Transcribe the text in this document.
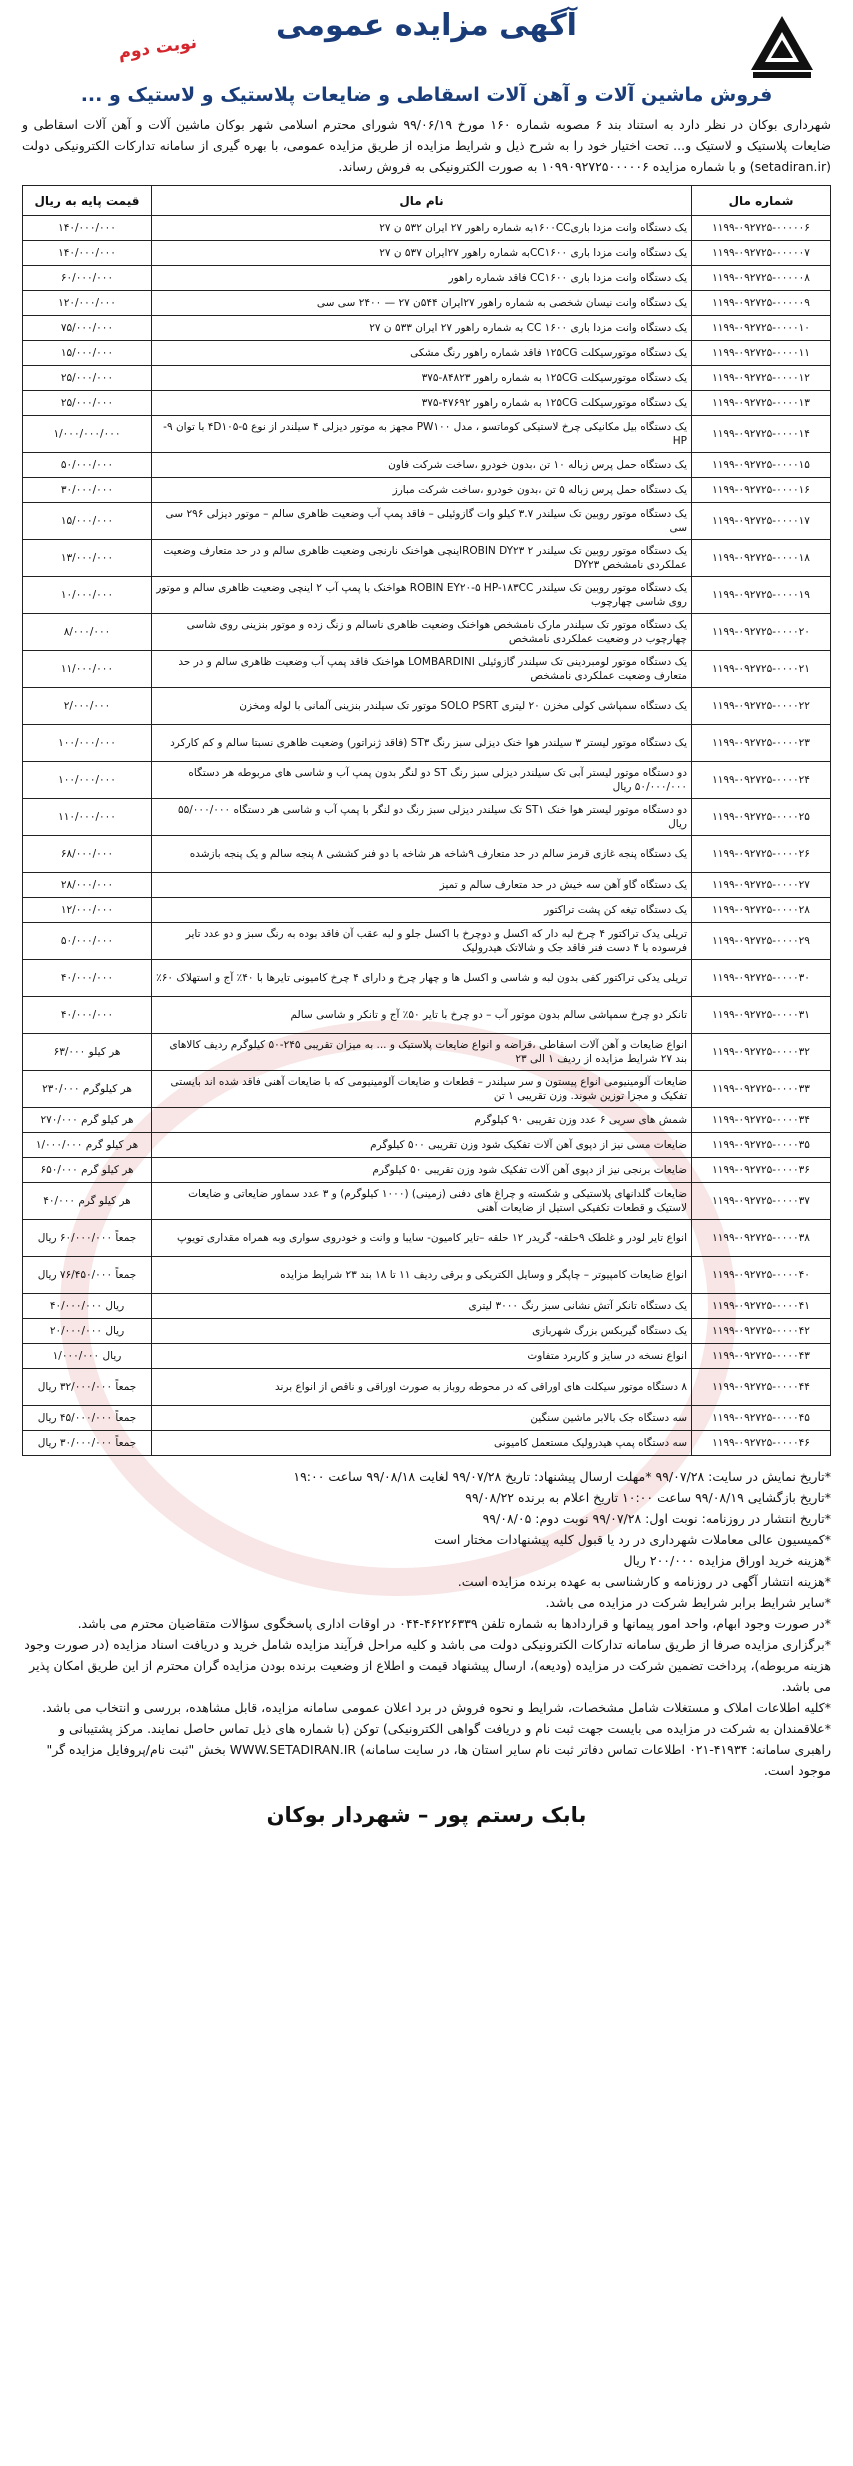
آگهی مزایده عمومی
نوبت دوم
فروش ماشین آلات و آهن آلات اسقاطی و ضایعات پلاستیک و لاستیک و ...
شهرداری بوکان در نظر دارد به استناد بند ۶ مصوبه شماره ۱۶۰ مورخ ۹۹/۰۶/۱۹ شورای محترم اسلامی شهر بوکان ماشین آلات و آهن آلات اسقاطی و ضایعات پلاستیک و لاستیک و... تحت اختیار خود را به شرح ذیل و شرایط مزایده از طریق مزایده عمومی، با بهره گیری از سامانه تدارکات الکترونیکی دولت (setadiran.ir) و با شماره مزایده ۱۰۹۹۰۹۲۷۲۵۰۰۰۰۰۶ به صورت الکترونیکی به فروش رساند.
شماره مال	نام مال	قیمت پایه به ریال
۱۱۹۹-۰۹۲۷۲۵-۰۰۰۰۰۶	یک دستگاه وانت مزدا باری۱۶۰۰CCبه شماره راهور ۲۷ ایران ۵۳۲ ن ۲۷	۱۴۰/۰۰۰/۰۰۰
۱۱۹۹-۰۹۲۷۲۵-۰۰۰۰۰۷	یک دستگاه وانت مزدا باری CC۱۶۰۰به شماره راهور ۲۷ایران ۵۳۷ ن ۲۷	۱۴۰/۰۰۰/۰۰۰
۱۱۹۹-۰۹۲۷۲۵-۰۰۰۰۰۸	یک دستگاه وانت مزدا باری CC۱۶۰۰ فاقد شماره راهور	۶۰/۰۰۰/۰۰۰
۱۱۹۹-۰۹۲۷۲۵-۰۰۰۰۰۹	یک دستگاه وانت نیسان شخصی به شماره راهور ۲۷ایران ۵۴۴ن ۲۷ — ۲۴۰۰ سی سی	۱۲۰/۰۰۰/۰۰۰
۱۱۹۹-۰۹۲۷۲۵-۰۰۰۰۱۰	یک دستگاه وانت مزدا باری CC ۱۶۰۰ به شماره راهور ۲۷ ایران ۵۳۳ ن ۲۷	۷۵/۰۰۰/۰۰۰
۱۱۹۹-۰۹۲۷۲۵-۰۰۰۰۱۱	یک دستگاه موتورسیکلت ۱۲۵CG فاقد شماره راهور رنگ مشکی	۱۵/۰۰۰/۰۰۰
۱۱۹۹-۰۹۲۷۲۵-۰۰۰۰۱۲	یک دستگاه موتورسیکلت ۱۲۵CG به شماره راهور ۸۴۸۲۳-۳۷۵	۲۵/۰۰۰/۰۰۰
۱۱۹۹-۰۹۲۷۲۵-۰۰۰۰۱۳	یک دستگاه موتورسیکلت ۱۲۵CG به شماره راهور ۴۷۶۹۲-۳۷۵	۲۵/۰۰۰/۰۰۰
۱۱۹۹-۰۹۲۷۲۵-۰۰۰۰۱۴	یک دستگاه بیل مکانیکی چرخ لاستیکی کوماتسو ، مدل PW۱۰۰ مجهز به موتور دیزلی ۴ سیلندر از نوع ۵-۴D۱۰۵ با توان ۹-HP	۱/۰۰۰/۰۰۰/۰۰۰
۱۱۹۹-۰۹۲۷۲۵-۰۰۰۰۱۵	یک دستگاه حمل پرس زباله ۱۰ تن ،بدون خودرو ،ساخت شرکت فاون	۵۰/۰۰۰/۰۰۰
۱۱۹۹-۰۹۲۷۲۵-۰۰۰۰۱۶	یک دستگاه حمل پرس زباله ۵ تن ،بدون خودرو ،ساخت شرکت مبارز	۳۰/۰۰۰/۰۰۰
۱۱۹۹-۰۹۲۷۲۵-۰۰۰۰۱۷	یک دستگاه موتور روبین تک سیلندر ۳.۷ کیلو وات گازوئیلی – فاقد پمپ آب وضعیت ظاهری سالم – موتور دیزلی ۲۹۶ سی سی	۱۵/۰۰۰/۰۰۰
۱۱۹۹-۰۹۲۷۲۵-۰۰۰۰۱۸	یک دستگاه موتور روبین تک سیلندر ROBIN DY۲۳ ۲اینچی هواخنک نارنجی وضعیت ظاهری سالم و در حد متعارف وضعیت عملکردی نامشخص DY۲۳	۱۳/۰۰۰/۰۰۰
۱۱۹۹-۰۹۲۷۲۵-۰۰۰۰۱۹	یک دستگاه موتور روبین تک سیلندر ROBIN EY۲۰-۵ HP-۱۸۳CC هواخنک با پمپ آب ۲ اینچی وضعیت ظاهری سالم و موتور روی شاسی چهارچوب	۱۰/۰۰۰/۰۰۰
۱۱۹۹-۰۹۲۷۲۵-۰۰۰۰۲۰	یک دستگاه موتور تک سیلندر مارک نامشخص هواخنک وضعیت ظاهری ناسالم و زنگ زده و موتور بنزینی روی شاسی چهارچوب در وضعیت عملکردی نامشخص	۸/۰۰۰/۰۰۰
۱۱۹۹-۰۹۲۷۲۵-۰۰۰۰۲۱	یک دستگاه موتور لومبردینی تک سیلندر گازوئیلی LOMBARDINI هواخنک فاقد پمپ آب وضعیت ظاهری سالم و در حد متعارف وضعیت عملکردی نامشخص	۱۱/۰۰۰/۰۰۰
۱۱۹۹-۰۹۲۷۲۵-۰۰۰۰۲۲	یک دستگاه سمپاشی کولی مخزن ۲۰ لیتری SOLO PSRT موتور تک سیلندر بنزینی آلمانی با لوله ومخزن	۲/۰۰۰/۰۰۰
۱۱۹۹-۰۹۲۷۲۵-۰۰۰۰۲۳	یک دستگاه موتور لیستر ۳ سیلندر هوا خنک دیزلی سبز رنگ ST۳ (فاقد ژنراتور) وضعیت ظاهری نسبتا سالم و کم کارکرد	۱۰۰/۰۰۰/۰۰۰
۱۱۹۹-۰۹۲۷۲۵-۰۰۰۰۲۴	دو دستگاه موتور لیستر آبی تک سیلندر دیزلی سبز رنگ ST دو لنگر بدون پمپ آب و شاسی های مربوطه هر دستگاه ۵۰/۰۰۰/۰۰۰ ریال	۱۰۰/۰۰۰/۰۰۰
۱۱۹۹-۰۹۲۷۲۵-۰۰۰۰۲۵	دو دستگاه موتور لیستر هوا خنک ST۱ تک سیلندر دیزلی سبز رنگ دو لنگر با پمپ آب و شاسی هر دستگاه ۵۵/۰۰۰/۰۰۰ ریال	۱۱۰/۰۰۰/۰۰۰
۱۱۹۹-۰۹۲۷۲۵-۰۰۰۰۲۶	یک دستگاه پنجه غازی قرمز سالم در حد متعارف ۹شاخه هر شاخه با دو فنر کششی ۸ پنجه سالم و یک پنجه بازشده	۶۸/۰۰۰/۰۰۰
۱۱۹۹-۰۹۲۷۲۵-۰۰۰۰۲۷	یک دستگاه گاو آهن سه خیش در حد متعارف سالم و تمیز	۲۸/۰۰۰/۰۰۰
۱۱۹۹-۰۹۲۷۲۵-۰۰۰۰۲۸	یک دستگاه تیغه کن پشت تراکتور	۱۲/۰۰۰/۰۰۰
۱۱۹۹-۰۹۲۷۲۵-۰۰۰۰۲۹	تریلی یدک تراکتور ۴ چرخ لبه دار که اکسل و دوچرخ با اکسل جلو و لبه عقب آن فاقد بوده به رنگ سبز و دو عدد تایر فرسوده با ۴ دست فنر فاقد جک و شالاتک هیدرولیک	۵۰/۰۰۰/۰۰۰
۱۱۹۹-۰۹۲۷۲۵-۰۰۰۰۳۰	تریلی یدکی تراکتور کفی بدون لبه و شاسی و اکسل ها و چهار چرخ و دارای ۴ چرخ کامیونی تایرها با ۴۰٪ آج و استهلاک ۶۰٪	۴۰/۰۰۰/۰۰۰
۱۱۹۹-۰۹۲۷۲۵-۰۰۰۰۳۱	تانکر دو چرخ سمپاشی سالم بدون موتور آب – دو چرخ با تایر ۵۰٪ آج و تانکر و شاسی سالم	۴۰/۰۰۰/۰۰۰
۱۱۹۹-۰۹۲۷۲۵-۰۰۰۰۳۲	انواع ضایعات و آهن آلات اسقاطی ،قراضه و انواع ضایعات پلاستیک و ... به میزان تقریبی ۲۴۵-۵۰ کیلوگرم ردیف کالاهای بند ۲۷ شرایط مزایده از ردیف ۱ الی ۲۳	هر کیلو ۶۳/۰۰۰
۱۱۹۹-۰۹۲۷۲۵-۰۰۰۰۳۳	ضایعات آلومینیومی انواع پیستون و سر سیلندر – قطعات و ضایعات آلومینیومی که با ضایعات آهنی فاقد شده اند بایستی تفکیک و مجزا توزین شوند. وزن تقریبی ۱ تن	هر کیلوگرم ۲۳۰/۰۰۰
۱۱۹۹-۰۹۲۷۲۵-۰۰۰۰۳۴	شمش های سربی ۶ عدد وزن تقریبی ۹۰ کیلوگرم	هر کیلو گرم ۲۷۰/۰۰۰
۱۱۹۹-۰۹۲۷۲۵-۰۰۰۰۳۵	ضایعات مسی نیز از دپوی آهن آلات تفکیک شود وزن تقریبی ۵۰۰ کیلوگرم	هر کیلو گرم ۱/۰۰۰/۰۰۰
۱۱۹۹-۰۹۲۷۲۵-۰۰۰۰۳۶	ضایعات برنجی نیز از دپوی آهن آلات تفکیک شود وزن تقریبی ۵۰ کیلوگرم	هر کیلو گرم ۶۵۰/۰۰۰
۱۱۹۹-۰۹۲۷۲۵-۰۰۰۰۳۷	ضایعات گلدانهای پلاستیکی و شکسته و چراغ های دفنی (زمینی) (۱۰۰۰ کیلوگرم) و ۳ عدد سماور ضایعاتی و ضایعات لاستیک و قطعات تکفیکی استیل از ضایعات آهنی	هر کیلو گرم ۴۰/۰۰۰
۱۱۹۹-۰۹۲۷۲۵-۰۰۰۰۳۸	انواع تایر لودر و غلطک ۹حلقه- گریدر ۱۲ حلقه –تایر کامیون- سایبا و وانت و خودروی سواری وبه همراه مقداری تویوپ	جمعاً ۶۰/۰۰۰/۰۰۰ ریال
۱۱۹۹-۰۹۲۷۲۵-۰۰۰۰۴۰	انواع ضایعات کامپیوتر – چاپگر و وسایل الکتریکی و برقی ردیف ۱۱ تا ۱۸ بند ۲۳ شرایط مزایده	جمعاً ۷۶/۴۵۰/۰۰۰ ریال
۱۱۹۹-۰۹۲۷۲۵-۰۰۰۰۴۱	یک دستگاه تانکر آتش نشانی سبز رنگ ۳۰۰۰ لیتری	۴۰/۰۰۰/۰۰۰ ریال
۱۱۹۹-۰۹۲۷۲۵-۰۰۰۰۴۲	یک دستگاه گیربکس بزرگ شهربازی	۲۰/۰۰۰/۰۰۰ ریال
۱۱۹۹-۰۹۲۷۲۵-۰۰۰۰۴۳	انواع نسخه در سایز و کاربرد متفاوت	۱/۰۰۰/۰۰۰ ریال
۱۱۹۹-۰۹۲۷۲۵-۰۰۰۰۴۴	۸ دستگاه موتور سیکلت های اوراقی که در محوطه روباز به صورت اوراقی و ناقص از انواع برند	جمعاً ۳۲/۰۰۰/۰۰۰ ریال
۱۱۹۹-۰۹۲۷۲۵-۰۰۰۰۴۵	سه دستگاه جک بالابر ماشین سنگین	جمعاً ۴۵/۰۰۰/۰۰۰ ریال
۱۱۹۹-۰۹۲۷۲۵-۰۰۰۰۴۶	سه دستگاه پمپ هیدرولیک مستعمل کامیونی	جمعاً ۳۰/۰۰۰/۰۰۰ ریال

*تاریخ نمایش در سایت: ۹۹/۰۷/۲۸ *مهلت ارسال پیشنهاد: تاریخ ۹۹/۰۷/۲۸ لغایت ۹۹/۰۸/۱۸ ساعت ۱۹:۰۰

*تاریخ بازگشایی ۹۹/۰۸/۱۹ ساعت ۱۰:۰۰ تاریخ اعلام به برنده ۹۹/۰۸/۲۲

*تاریخ انتشار در روزنامه: نوبت اول: ۹۹/۰۷/۲۸ نوبت دوم: ۹۹/۰۸/۰۵

*کمیسیون عالی معاملات شهرداری در رد یا قبول کلیه پیشنهادات مختار است

*هزینه خرید اوراق مزایده ۲۰۰/۰۰۰ ریال

*هزینه انتشار آگهی در روزنامه و کارشناسی به عهده برنده مزایده است.

*سایر شرایط برابر شرایط شرکت در مزایده می باشد.

*در صورت وجود ابهام، واحد امور پیمانها و قراردادها به شماره تلفن ۴۶۲۲۶۳۳۹-۰۴۴ در اوقات اداری پاسخگوی سؤالات متقاضیان محترم می باشد.

*برگزاری مزایده صرفا از طریق سامانه تدارکات الکترونیکی دولت می باشد و کلیه مراحل فرآیند مزایده شامل خرید و دریافت اسناد مزایده (در صورت وجود هزینه مربوطه)، پرداخت تضمین شرکت در مزایده (ودیعه)، ارسال پیشنهاد قیمت و اطلاع از وضعیت برنده بودن مزایده گران محترم از این طریق امکان پذیر می باشد.

*کلیه اطلاعات املاک و مستغلات شامل مشخصات، شرایط و نحوه فروش در برد اعلان عمومی سامانه مزایده، قابل مشاهده، بررسی و انتخاب می باشد. *علاقمندان به شرکت در مزایده می بایست جهت ثبت نام و دریافت گواهی الکترونیکی) توکن (با شماره های ذیل تماس حاصل نمایند. مرکز پشتیبانی و راهبری سامانه: ۴۱۹۳۴-۰۲۱ اطلاعات تماس دفاتر ثبت نام سایر استان ها، در سایت سامانه) WWW.SETADIRAN.IR بخش "ثبت نام/پروفایل مزایده گر" موجود است.

بابک رستم پور – شهردار بوکان
